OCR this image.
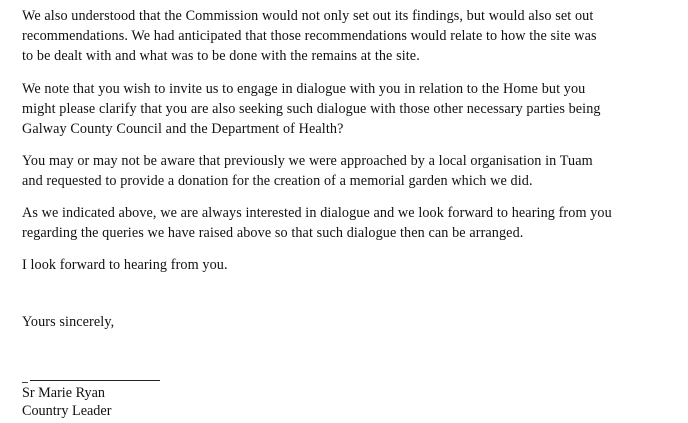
We also understood that the Commission would not only set out its findings, but would also set out
recommendations. We had anticipated that those recommendations would relate to how the site was
to be dealt with and what was to be done with the remains at the site.

We note that you wish to invite us to engage in dialogue with you in relation to the Home but you
might please clarify that you are also seeking such dialogue with those other necessary parties being
Galway County Council and the Department of Health?

You may or may not be aware that previously we were approached by a local organisation in Tuam
and requested to provide a donation for the creation of a memorial garden which we did.

As we indicated above, we are always interested in dialogue and we look forward to hearing from you
regarding the queries we have raised above so that such dialogue then can be arranged.

I look forward to hearing from you.

Yours sincerely,

Sr Marie Ryan
Country Leader
